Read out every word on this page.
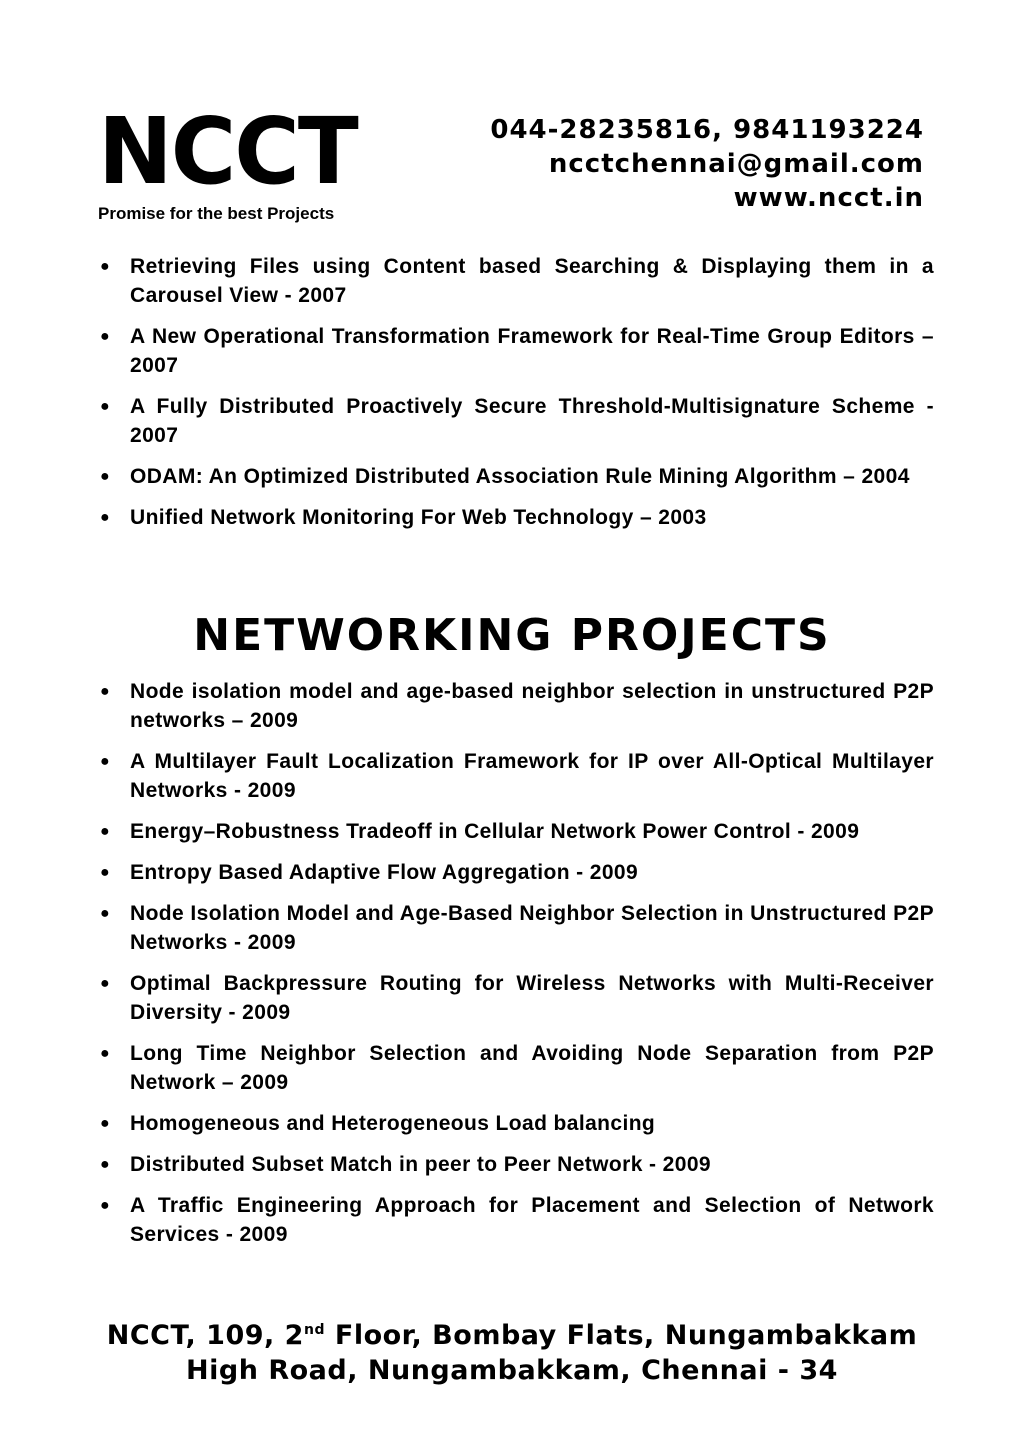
NCCT
Promise for the best Projects
044-28235816, 9841193224
ncctchennai@gmail.com
www.ncct.in
● Retrieving Files using Content based Searching & Displaying them in a Carousel View - 2007
● A New Operational Transformation Framework for Real-Time Group Editors – 2007
● A Fully Distributed Proactively Secure Threshold-Multisignature Scheme - 2007
● ODAM: An Optimized Distributed Association Rule Mining Algorithm – 2004
● Unified Network Monitoring For Web Technology – 2003
NETWORKING PROJECTS
● Node isolation model and age-based neighbor selection in unstructured P2P networks – 2009
● A Multilayer Fault Localization Framework for IP over All-Optical Multilayer Networks - 2009
● Energy–Robustness Tradeoff in Cellular Network Power Control - 2009
● Entropy Based Adaptive Flow Aggregation - 2009
● Node Isolation Model and Age-Based Neighbor Selection in Unstructured P2P Networks - 2009
● Optimal Backpressure Routing for Wireless Networks with Multi-Receiver Diversity - 2009
● Long Time Neighbor Selection and Avoiding Node Separation from P2P Network – 2009
● Homogeneous and Heterogeneous Load balancing
● Distributed Subset Match in peer to Peer Network - 2009
● A Traffic Engineering Approach for Placement and Selection of Network Services - 2009
NCCT, 109, 2nd Floor, Bombay Flats, Nungambakkam
High Road, Nungambakkam, Chennai - 34
